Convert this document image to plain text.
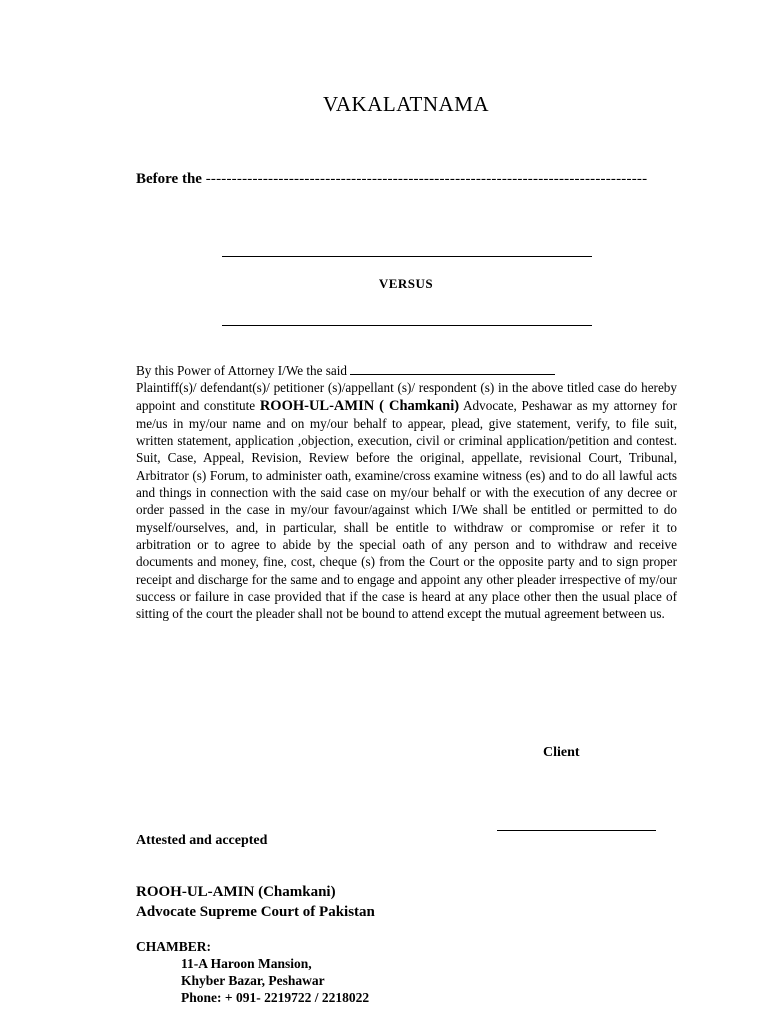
VAKALATNAMA
Before the -------------------------------------------------------------------------------------
VERSUS
By this Power of Attorney I/We the said
Plaintiff(s)/ defendant(s)/ petitioner (s)/appellant (s)/ respondent (s) in the above titled case do hereby appoint and constitute ROOH-UL-AMIN ( Chamkani) Advocate, Peshawar as my attorney for me/us in my/our name and on my/our behalf to appear, plead, give statement, verify, to file suit, written statement, application ,objection, execution, civil or criminal application/petition and contest. Suit, Case, Appeal, Revision, Review before the original, appellate, revisional Court, Tribunal, Arbitrator (s) Forum, to administer oath, examine/cross examine witness (es) and to do all lawful acts and things in connection with the said case on my/our behalf or with the execution of any decree or order passed in the case in my/our favour/against which I/We shall be entitled or permitted to do myself/ourselves, and, in particular, shall be entitle to withdraw or compromise or refer it to arbitration or to agree to abide by the special oath of any person and to withdraw and receive documents and money, fine, cost, cheque (s) from the Court or the opposite party and to sign proper receipt and discharge for the same and to engage and appoint any other pleader irrespective of my/our success or failure in case provided that if the case is heard at any place other then the usual place of sitting of the court the pleader shall not be bound to attend except the mutual agreement between us.
Client
Attested and accepted
ROOH-UL-AMIN (Chamkani)
Advocate Supreme Court of Pakistan
CHAMBER:
11-A Haroon Mansion,
Khyber Bazar, Peshawar
Phone: + 091- 2219722 / 2218022
